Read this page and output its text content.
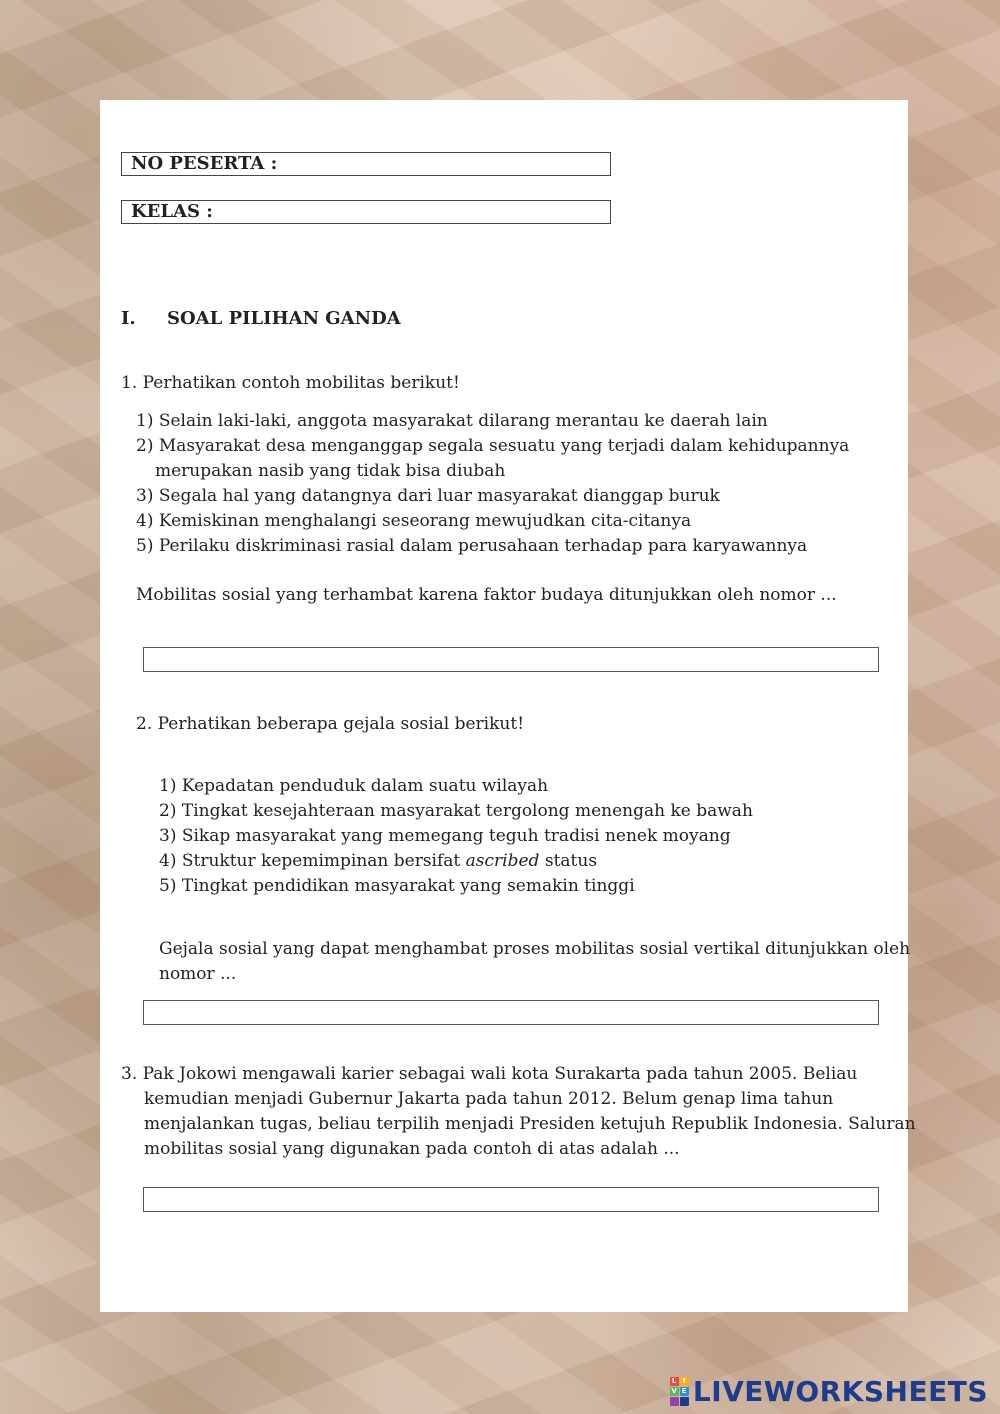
NO PESERTA :
KELAS :
I. SOAL PILIHAN GANDA
1. Perhatikan contoh mobilitas berikut!
1) Selain laki-laki, anggota masyarakat dilarang merantau ke daerah lain
2) Masyarakat desa menganggap segala sesuatu yang terjadi dalam kehidupannya
merupakan nasib yang tidak bisa diubah
3) Segala hal yang datangnya dari luar masyarakat dianggap buruk
4) Kemiskinan menghalangi seseorang mewujudkan cita-citanya
5) Perilaku diskriminasi rasial dalam perusahaan terhadap para karyawannya
Mobilitas sosial yang terhambat karena faktor budaya ditunjukkan oleh nomor ...
2. Perhatikan beberapa gejala sosial berikut!
1) Kepadatan penduduk dalam suatu wilayah
2) Tingkat kesejahteraan masyarakat tergolong menengah ke bawah
3) Sikap masyarakat yang memegang teguh tradisi nenek moyang
4) Struktur kepemimpinan bersifat ascribed status
5) Tingkat pendidikan masyarakat yang semakin tinggi
Gejala sosial yang dapat menghambat proses mobilitas sosial vertikal ditunjukkan oleh
nomor ...
3. Pak Jokowi mengawali karier sebagai wali kota Surakarta pada tahun 2005. Beliau
kemudian menjadi Gubernur Jakarta pada tahun 2012. Belum genap lima tahun
menjalankan tugas, beliau terpilih menjadi Presiden ketujuh Republik Indonesia. Saluran
mobilitas sosial yang digunakan pada contoh di atas adalah ...
L I
V E LIVEWORKSHEETS
